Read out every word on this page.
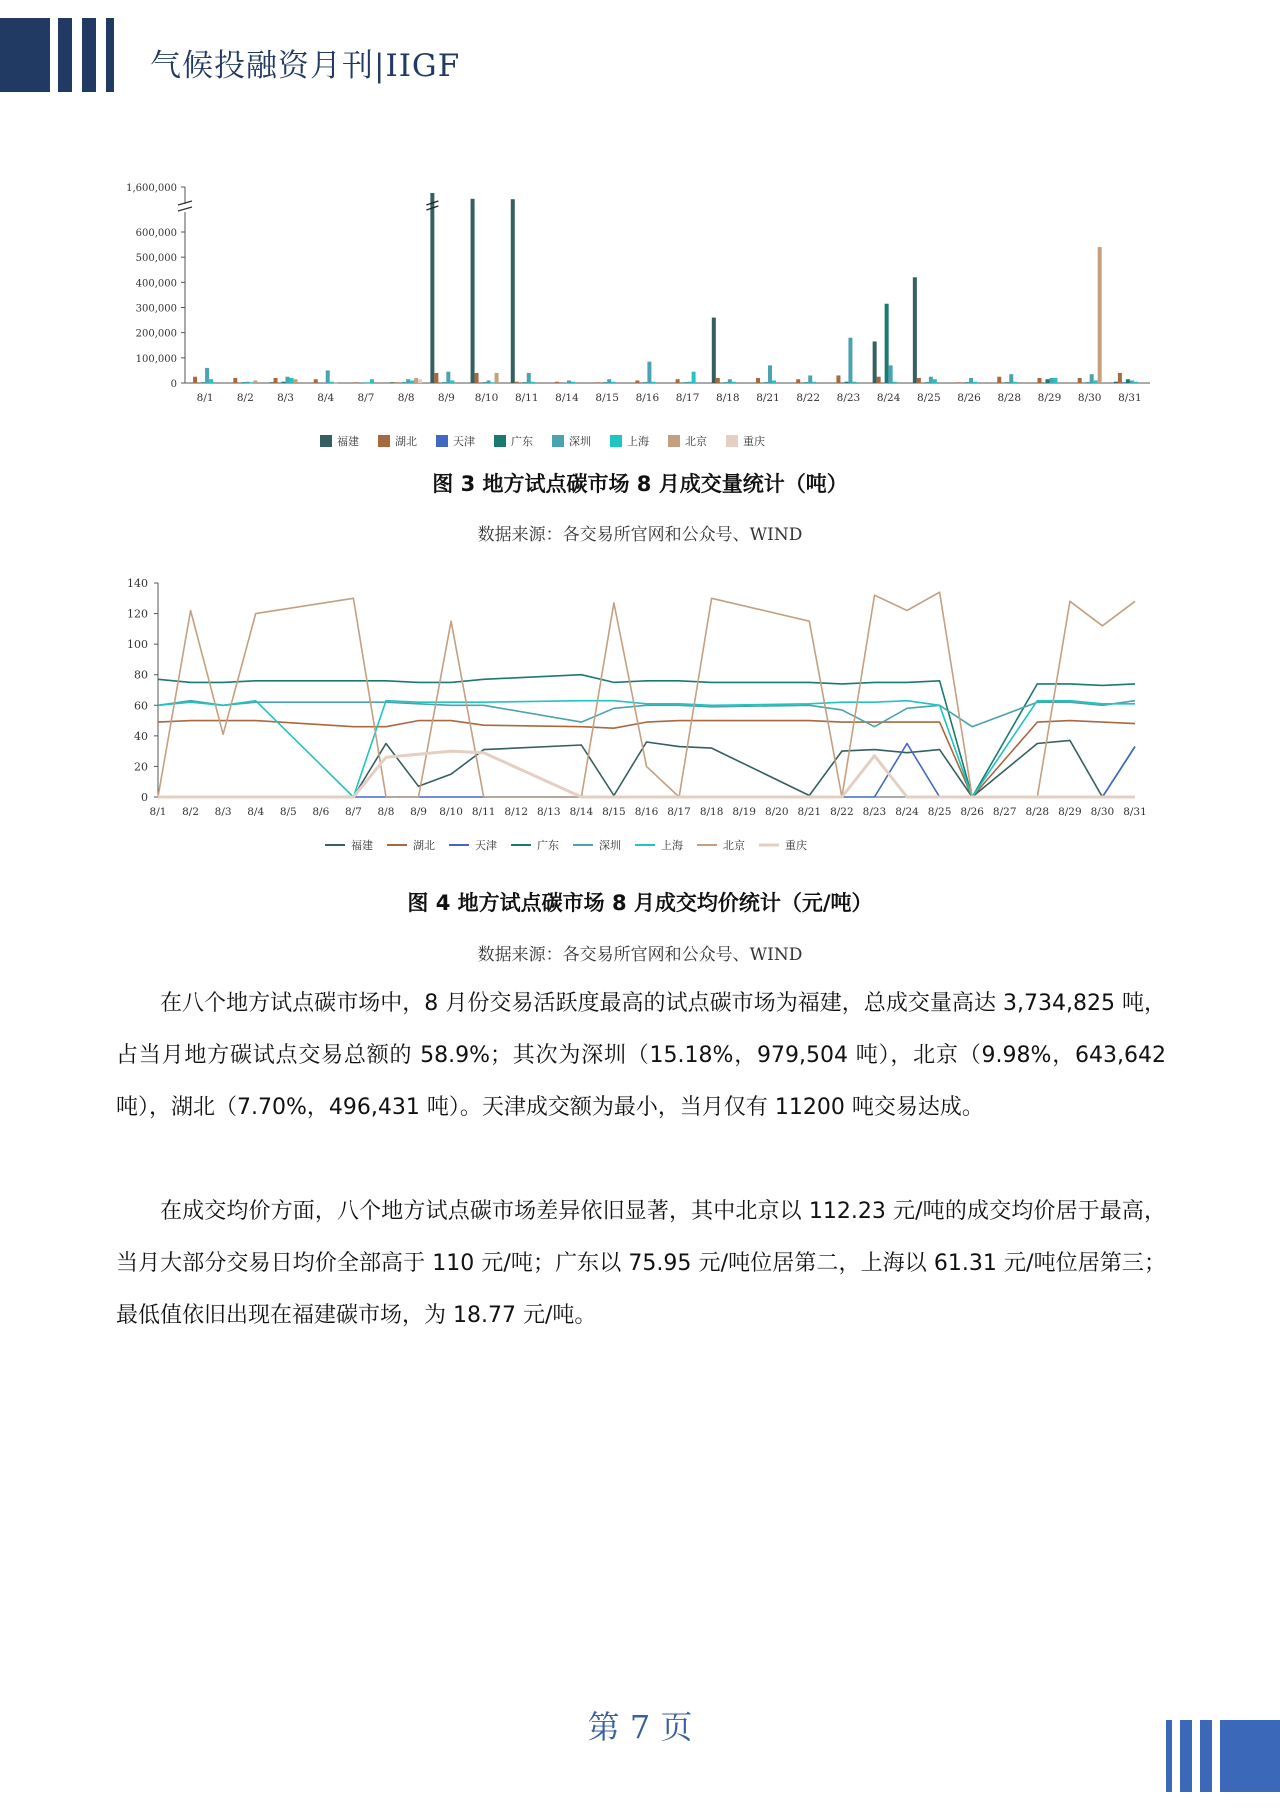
气候投融资月刊|IIGF
0
100,000
200,000
300,000
400,000
500,000
600,000
1,600,000
8/1 8/2 8/3 8/4 8/7 8/8 8/9 8/10 8/11 8/14 8/15 8/16 8/17 8/18 8/21 8/22 8/23 8/24 8/25 8/26 8/28 8/29 8/30 8/31
福建	湖北	天津	广东	深圳	上海	北京	重庆
图 3 地方试点碳市场 8 月成交量统计（吨）
数据来源：各交易所官网和公众号、WIND
0
20
40
60
80
100
120
140
8/1 8/2 8/3 8/4 8/5 8/6 8/7 8/8 8/9 8/10 8/11 8/12 8/13 8/14 8/15 8/16 8/17 8/18 8/19 8/20 8/21 8/22 8/23 8/24 8/25 8/26 8/27 8/28 8/29 8/30 8/31
福建	湖北	天津	广东	深圳	上海	北京	重庆
图 4 地方试点碳市场 8 月成交均价统计（元/吨）
数据来源：各交易所官网和公众号、WIND

在八个地方试点碳市场中，8 月份交易活跃度最高的试点碳市场为福建，总成交量高达 3,734,825 吨，占当月地方碳试点交易总额的 58.9%；其次为深圳（15.18%，979,504 吨），北京（9.98%，643,642 吨），湖北（7.70%，496,431 吨）。天津成交额为最小，当月仅有 11200 吨交易达成。

在成交均价方面，八个地方试点碳市场差异依旧显著，其中北京以 112.23 元/吨的成交均价居于最高，当月大部分交易日均价全部高于 110 元/吨；广东以 75.95 元/吨位居第二，上海以 61.31 元/吨位居第三；最低值依旧出现在福建碳市场，为 18.77 元/吨。

第 7 页
